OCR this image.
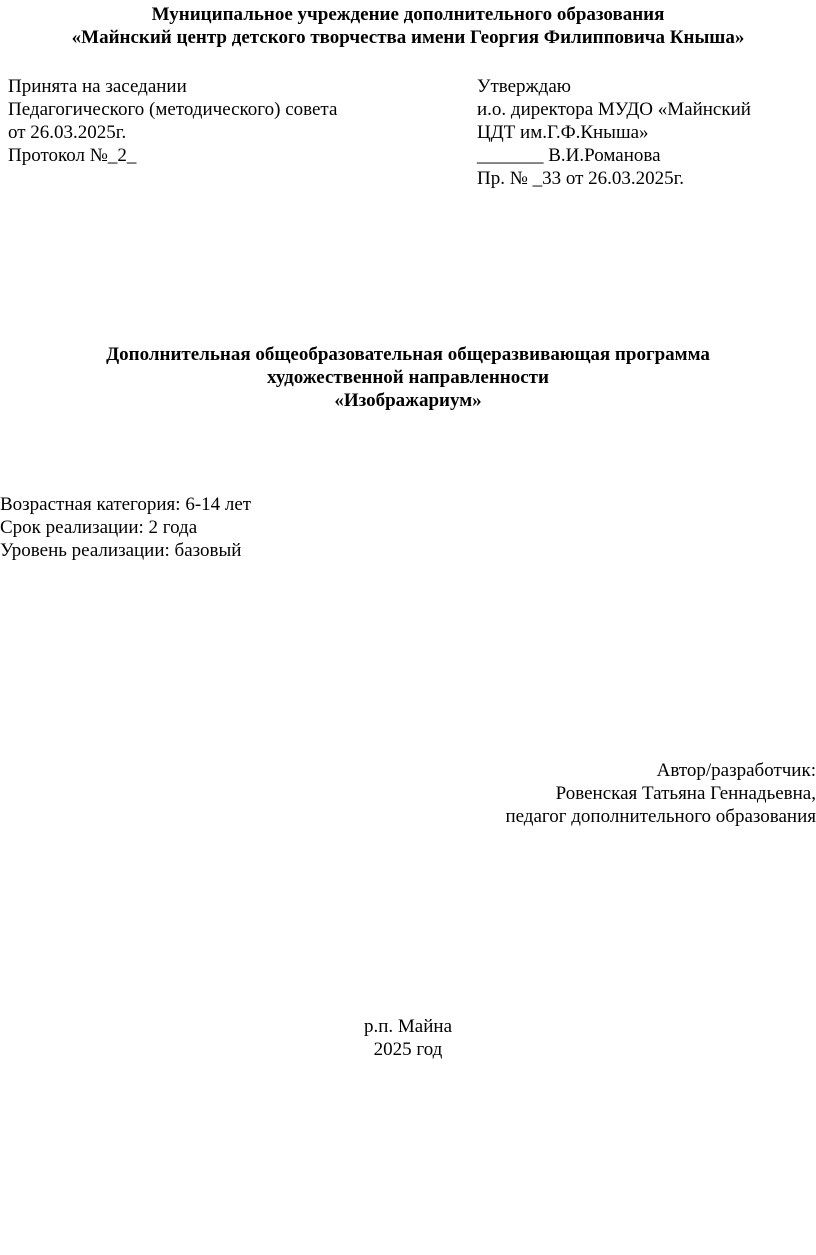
Муниципальное учреждение дополнительного образования
«Майнский центр детского творчества имени Георгия Филипповича Кныша»
Принята на заседании
Педагогического (методического) совета
от 26.03.2025г.
Протокол №_2_
Утверждаю
и.о. директора МУДО «Майнский
ЦДТ им.Г.Ф.Кныша»
_______ В.И.Романова
Пр. № _33 от 26.03.2025г.
Дополнительная общеобразовательная общеразвивающая программа
художественной направленности
«Изображариум»
Возрастная категория: 6-14 лет
Срок реализации: 2 года
Уровень реализации: базовый
Автор/разработчик:
Ровенская Татьяна Геннадьевна,
педагог дополнительного образования
р.п. Майна
2025 год
